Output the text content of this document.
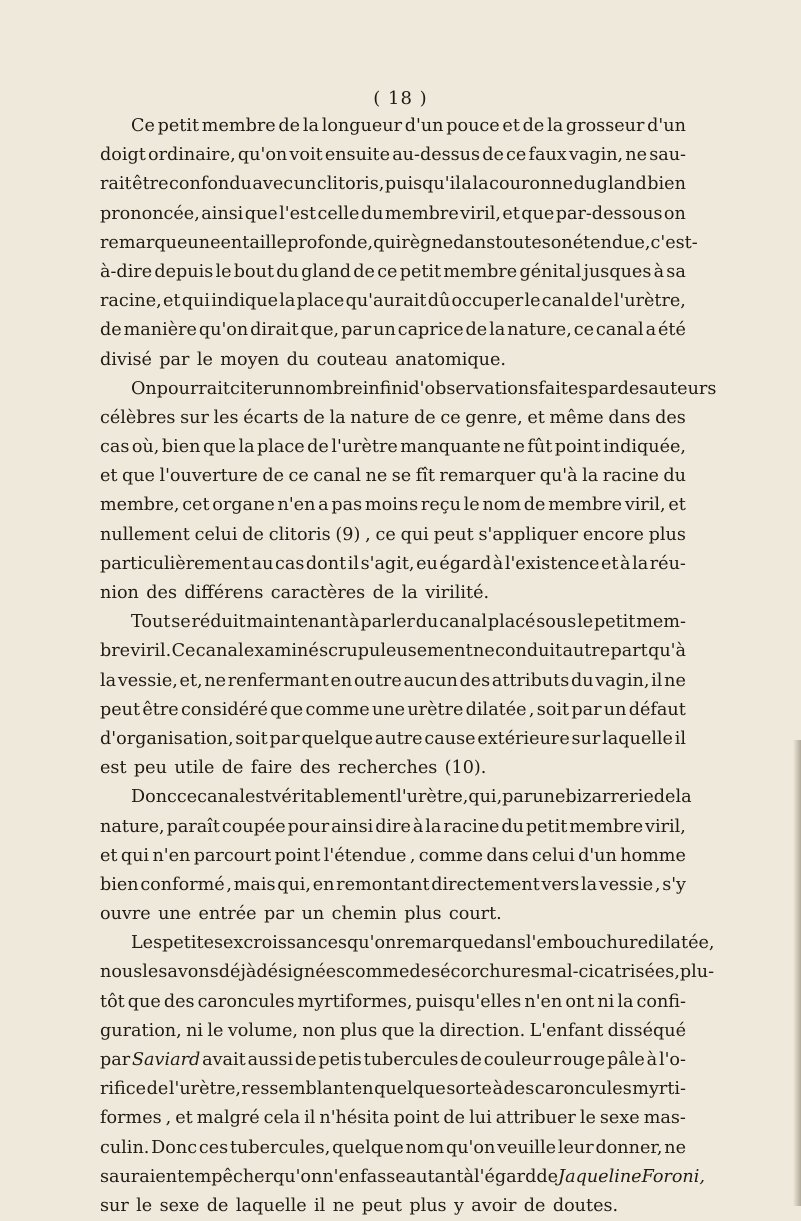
( 18 )
Ce petit membre de la longueur d'un pouce et de la grosseur d'un
doigt ordinaire, qu'on voit ensuite au-dessus de ce faux vagin, ne sau-
rait être confondu avec un clitoris, puisqu'il a la couronne du gland bien
prononcée, ainsi que l'est celle du membre viril, et que par-dessous on
remarque une entaille profonde , qui règne dans toute son étendue, c'est-
à-dire depuis le bout du gland de ce petit membre génital jusques à sa
racine, et qui indique la place qu'aurait dû occuper le canal de l'urètre,
de manière qu'on dirait que, par un caprice de la nature, ce canal a été
divisé par le moyen du couteau anatomique.
On pourrait citer un nombre infini d'observations faites par des auteurs
célèbres sur les écarts de la nature de ce genre, et même dans des
cas où, bien que la place de l'urètre manquante ne fût point indiquée,
et que l'ouverture de ce canal ne se fît remarquer qu'à la racine du
membre, cet organe n'en a pas moins reçu le nom de membre viril, et
nullement celui de clitoris (9) , ce qui peut s'appliquer encore plus
particulièrement au cas dont il s'agit, eu égard à l'existence et à la réu-
nion des différens caractères de la virilité.
Tout se réduit maintenant à parler du canal placé sous le petit mem-
bre viril. Ce canal examiné scrupuleusement ne conduit autre part qu'à
la vessie, et, ne renfermant en outre aucun des attributs du vagin, il ne
peut être considéré que comme une urètre dilatée , soit par un défaut
d'organisation, soit par quelque autre cause extérieure sur laquelle il
est peu utile de faire des recherches (10).
Donc ce canal est véritablement l'urètre, qui , par une bizarrerie de la
nature, paraît coupée pour ainsi dire à la racine du petit membre viril,
et qui n'en parcourt point l'étendue , comme dans celui d'un homme
bien conformé , mais qui, en remontant directement vers la vessie , s'y
ouvre une entrée par un chemin plus court.
Les petites excroissances qu'on remarque dans l'embouchure dilatée ,
nous les avons déjà désignées comme des écorchures mal-cicatrisées, plu-
tôt que des caroncules myrtiformes, puisqu'elles n'en ont ni la confi-
guration, ni le volume, non plus que la direction. L'enfant disséqué
par Saviard avait aussi de petis tubercules de couleur rouge pâle à l'o-
rifice de l'urètre, ressemblant en quelque sorte à des caroncules myrti-
formes , et malgré cela il n'hésita point de lui attribuer le sexe mas-
culin. Donc ces tubercules, quelque nom qu'on veuille leur donner, ne
sauraient empêcher qu'on n'en fasse autant à l'égard de Jaqueline Foroni,
sur le sexe de laquelle il ne peut plus y avoir de doutes.
